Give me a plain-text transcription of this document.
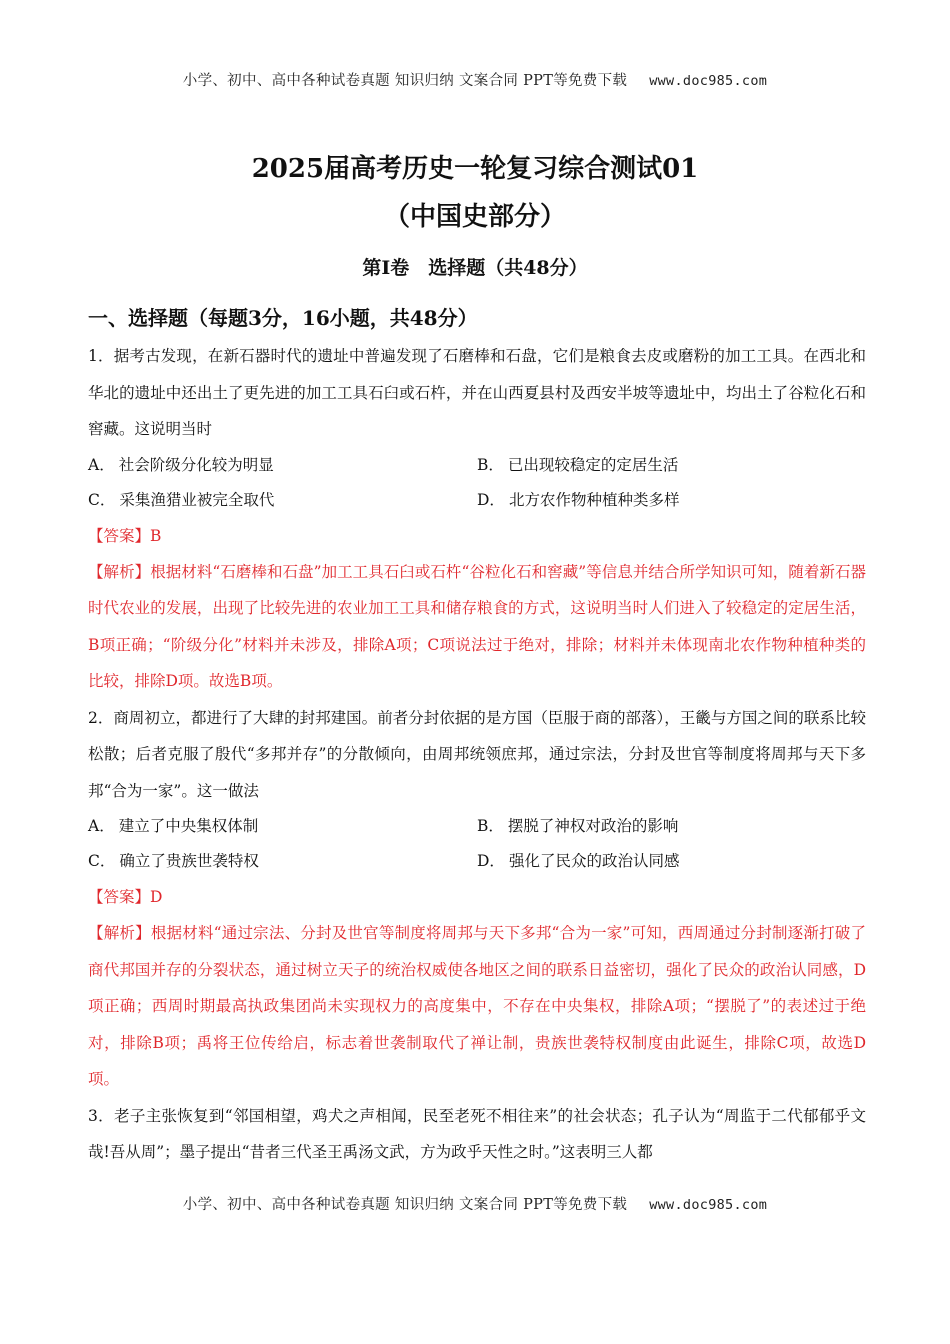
小学、初中、高中各种试卷真题 知识归纳 文案合同 PPT等免费下载 www.doc985.com
2025届高考历史一轮复习综合测试01
（中国史部分）
第Ⅰ卷　选择题（共48分）
一、选择题（每题3分，16小题，共48分）

1．据考古发现，在新石器时代的遗址中普遍发现了石磨棒和石盘，它们是粮食去皮或磨粉的加工工具。在西北和华北的遗址中还出土了更先进的加工工具石臼或石杵，并在山西夏县村及西安半坡等遗址中，均出土了谷粒化石和窖藏。这说明当时

A． 社会阶级分化较为明显	B． 已出现较稳定的定居生活
C． 采集渔猎业被完全取代	D． 北方农作物种植种类多样
【答案】B

【解析】根据材料“石磨棒和石盘”加工工具石臼或石杵“谷粒化石和窖藏”等信息并结合所学知识可知，随着新石器时代农业的发展，出现了比较先进的农业加工工具和储存粮食的方式，这说明当时人们进入了较稳定的定居生活，B项正确；“阶级分化”材料并未涉及，排除A项；C项说法过于绝对，排除；材料并未体现南北农作物种植种类的比较，排除D项。故选B项。

2．商周初立，都进行了大肆的封邦建国。前者分封依据的是方国（臣服于商的部落），王畿与方国之间的联系比较松散；后者克服了殷代“多邦并存”的分散倾向，由周邦统领庶邦，通过宗法，分封及世官等制度将周邦与天下多邦“合为一家”。这一做法

A． 建立了中央集权体制	B． 摆脱了神权对政治的影响
C． 确立了贵族世袭特权	D． 强化了民众的政治认同感
【答案】D

【解析】根据材料“通过宗法、分封及世官等制度将周邦与天下多邦“合为一家”可知，西周通过分封制逐渐打破了商代邦国并存的分裂状态，通过树立天子的统治权威使各地区之间的联系日益密切，强化了民众的政治认同感，D项正确；西周时期最高执政集团尚未实现权力的高度集中，不存在中央集权，排除A项；“摆脱了”的表述过于绝对，排除B项；禹将王位传给启，标志着世袭制取代了禅让制，贵族世袭特权制度由此诞生，排除C项，故选D项。

3．老子主张恢复到“邻国相望，鸡犬之声相闻，民至老死不相往来”的社会状态；孔子认为“周监于二代郁郁乎文哉!吾从周”；墨子提出“昔者三代圣王禹汤文武，方为政乎天性之时。”这表明三人都

小学、初中、高中各种试卷真题 知识归纳 文案合同 PPT等免费下载 www.doc985.com
